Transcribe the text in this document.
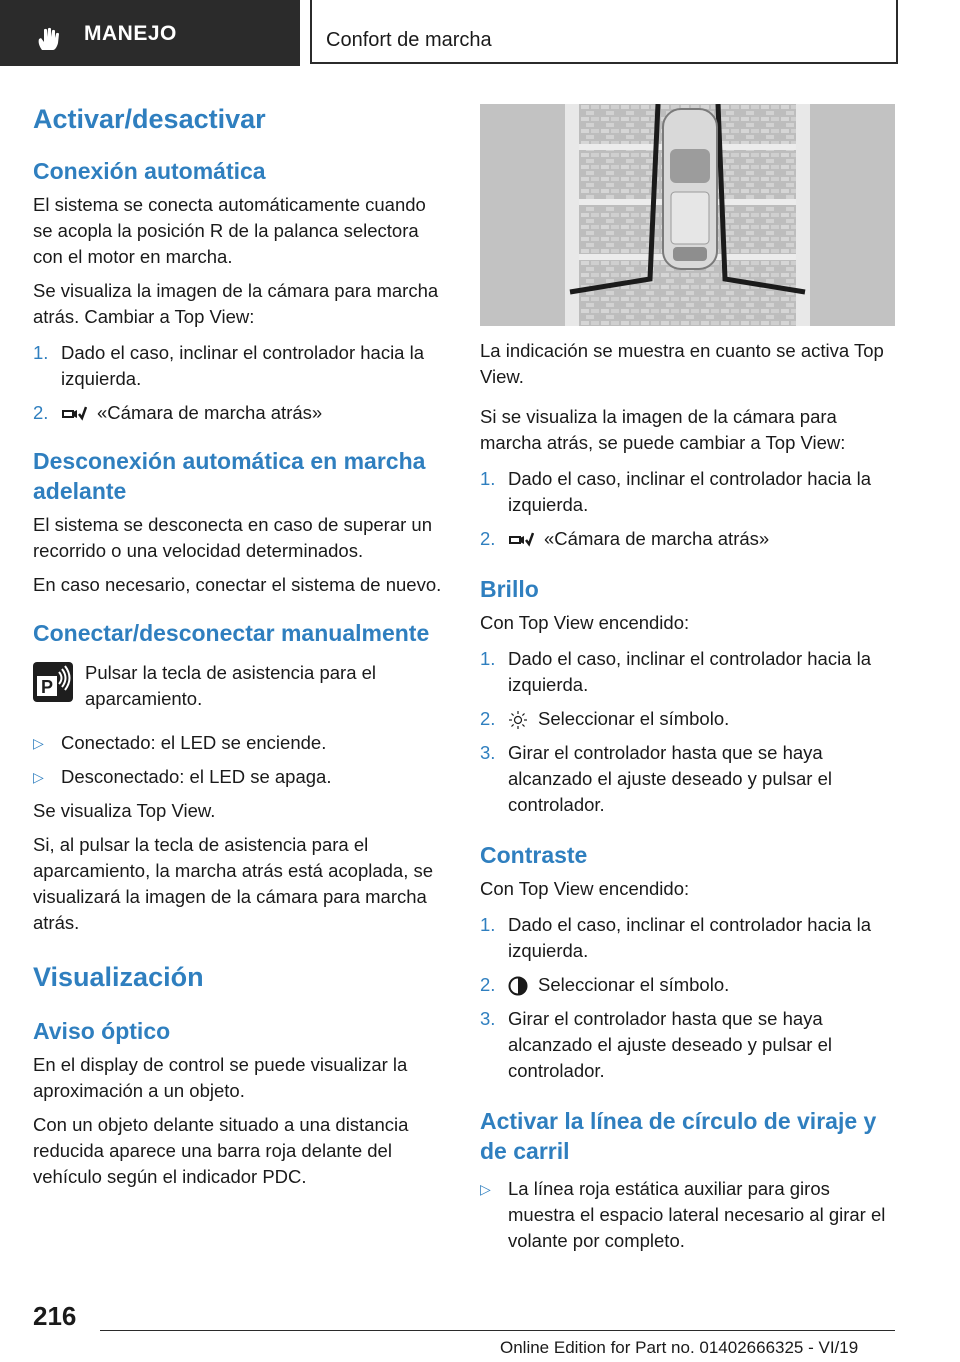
MANEJO	Confort de marcha
Activar/desactivar
Conexión automática

El sistema se conecta automáticamente cuando se acopla la posición R de la palanca selectora con el motor en marcha.

Se visualiza la imagen de la cámara para marcha atrás. Cambiar a Top View:

1. Dado el caso, inclinar el controlador hacia la izquierda.
2.	«Cámara de marcha atrás»
Desconexión automática en marcha adelante

El sistema se desconecta en caso de superar un recorrido o una velocidad determinados.

En caso necesario, conectar el sistema de nuevo.

Conectar/desconectar manualmente
P

Pulsar la tecla de asistencia para el aparcamiento.

▷ Conectado: el LED se enciende.
▷ Desconectado: el LED se apaga.

Se visualiza Top View.

Si, al pulsar la tecla de asistencia para el aparcamiento, la marcha atrás está acoplada, se visualizará la imagen de la cámara para marcha atrás.

Visualización
Aviso óptico

En el display de control se puede visualizar la aproximación a un objeto.

Con un objeto delante situado a una distancia reducida aparece una barra roja delante del vehículo según el indicador PDC.

La indicación se muestra en cuanto se activa Top View.

Si se visualiza la imagen de la cámara para marcha atrás, se puede cambiar a Top View:

1. Dado el caso, inclinar el controlador hacia la izquierda.
2.	«Cámara de marcha atrás»
Brillo

Con Top View encendido:

1. Dado el caso, inclinar el controlador hacia la izquierda.
2.	Seleccionar el símbolo.
3. Girar el controlador hasta que se haya alcanzado el ajuste deseado y pulsar el controlador.
Contraste

Con Top View encendido:

1. Dado el caso, inclinar el controlador hacia la izquierda.
2.	Seleccionar el símbolo.
3. Girar el controlador hasta que se haya alcanzado el ajuste deseado y pulsar el controlador.
Activar la línea de círculo de viraje y de carril
▷ La línea roja estática auxiliar para giros muestra el espacio lateral necesario al girar el volante por completo.
216
Online Edition for Part no. 01402666325 - VI/19
